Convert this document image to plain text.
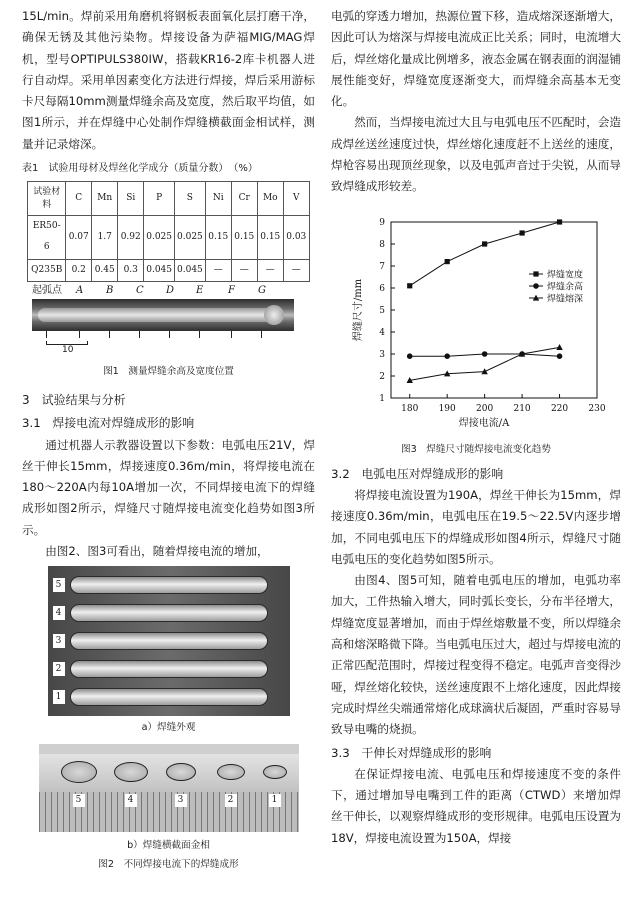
15L/min。焊前采用角磨机将钢板表面氧化层打磨干净，确保无锈及其他污染物。焊接设备为萨福MIG/MAG焊机，型号OPTIPULS380IW，搭载KR16-2库卡机器人进行自动焊。采用单因素变化方法进行焊接，焊后采用游标卡尺每隔10mm测量焊缝余高及宽度，然后取平均值，如图1所示，并在焊缝中心处制作焊缝横截面金相试样，测量并记录熔深。

表1　试验用母材及焊丝化学成分（质量分数）　（%）
试验材料	C	Mn	Si	P	S	Ni	Cr	Mo	V
ER50-6	0.07	1.7	0.92	0.025	0.025	0.15	0.15	0.15	0.03
Q235B	0.2	0.45	0.3	0.045	0.045	—	—	—	—
起弧点 A B C D E F G
10
图1　测量焊缝余高及宽度位置
3　试验结果与分析
3.1　焊接电流对焊缝成形的影响

通过机器人示教器设置以下参数：电弧电压21V，焊丝干伸长15mm，焊接速度0.36m/min，将焊接电流在180～220A内每10A增加一次，不同焊接电流下的焊缝成形如图2所示，焊缝尺寸随焊接电流变化趋势如图3所示。

由图2、图3可看出，随着焊接电流的增加，

5
4
3
2
1
a）焊缝外观
5	4	3	2	1
b）焊缝横截面金相
图2　不同焊接电流下的焊缝成形

电弧的穿透力增加，热源位置下移，造成熔深逐渐增大，因此可认为熔深与焊接电流成正比关系；同时，电流增大后，焊丝熔化量成比例增多，液态金属在钢表面的润湿铺展性能变好，焊缝宽度逐渐变大，而焊缝余高基本无变化。

然而，当焊接电流过大且与电弧电压不匹配时，会造成焊丝送丝速度过快，焊丝熔化速度赶不上送丝的速度，焊枪容易出现顶丝现象，以及电弧声音过于尖锐，从而导致焊缝成形较差。

180 190 200 210 220 230
1
2
3
4
5
6
7
8
9
焊接电流/A
焊缝尺寸/mm
焊缝宽度
焊缝余高
焊缝熔深
图3　焊缝尺寸随焊接电流变化趋势
3.2　电弧电压对焊缝成形的影响

将焊接电流设置为190A，焊丝干伸长为15mm，焊接速度0.36m/min，电弧电压在19.5～22.5V内逐步增加，不同电弧电压下的焊缝成形如图4所示，焊缝尺寸随电弧电压的变化趋势如图5所示。

由图4、图5可知，随着电弧电压的增加，电弧功率加大，工件热输入增大，同时弧长变长，分布半径增大，焊缝宽度显著增加，而由于焊丝熔敷量不变，所以焊缝余高和熔深略微下降。当电弧电压过大，超过与焊接电流的正常匹配范围时，焊接过程变得不稳定。电弧声音变得沙哑，焊丝熔化较快，送丝速度跟不上熔化速度，因此焊接完成时焊丝尖端通常熔化成球滴状后凝固，严重时容易导致导电嘴的烧损。

3.3　干伸长对焊缝成形的影响

在保证焊接电流、电弧电压和焊接速度不变的条件下，通过增加导电嘴到工件的距离（CTWD）来增加焊丝干伸长，以观察焊缝成形的变形规律。电弧电压设置为18V，焊接电流设置为150A，焊接
